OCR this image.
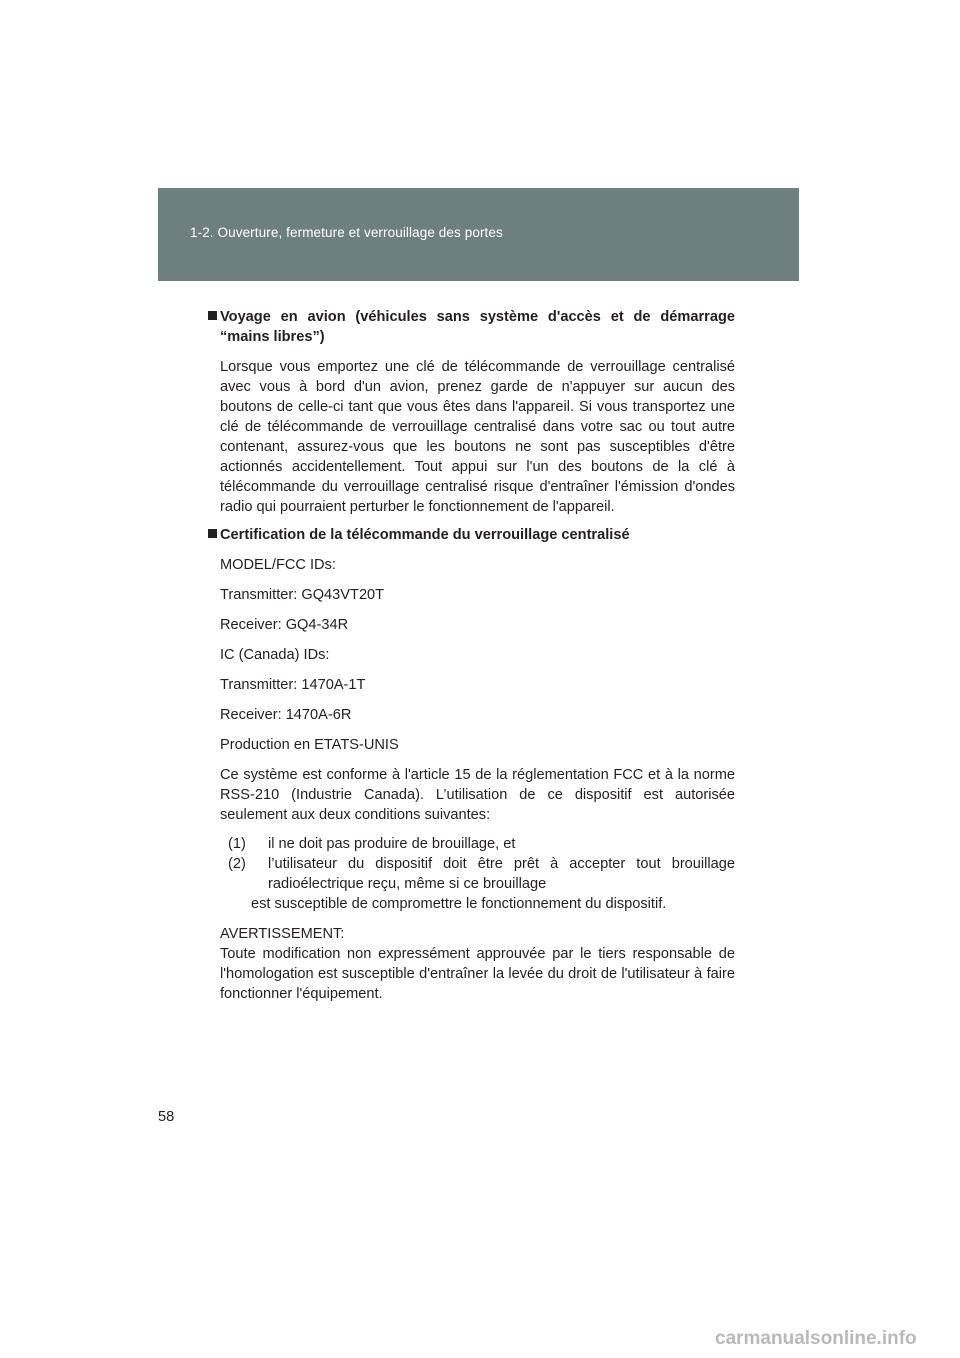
1-2. Ouverture, fermeture et verrouillage des portes
Voyage en avion (véhicules sans système d'accès et de démarrage “mains libres”)
Lorsque vous emportez une clé de télécommande de verrouillage centralisé avec vous à bord d'un avion, prenez garde de n'appuyer sur aucun des boutons de celle-ci tant que vous êtes dans l'appareil. Si vous transportez une clé de télécommande de verrouillage centralisé dans votre sac ou tout autre contenant, assurez-vous que les boutons ne sont pas susceptibles d'être actionnés accidentellement. Tout appui sur l'un des boutons de la clé à télécommande du verrouillage centralisé risque d'entraîner l'émission d'ondes radio qui pourraient perturber le fonctionnement de l'appareil.
Certification de la télécommande du verrouillage centralisé
MODEL/FCC IDs:
Transmitter: GQ43VT20T
Receiver: GQ4-34R
IC (Canada) IDs:
Transmitter: 1470A-1T
Receiver: 1470A-6R
Production en ETATS-UNIS
Ce système est conforme à l'article 15 de la réglementation FCC et à la norme RSS-210 (Industrie Canada). L’utilisation de ce dispositif est autorisée seulement aux deux conditions suivantes:
(1) il ne doit pas produire de brouillage, et
(2) l’utilisateur du dispositif doit être prêt à accepter tout brouillage radioélectrique reçu, même si ce brouillage
est susceptible de compromettre le fonctionnement du dispositif.
AVERTISSEMENT:
Toute modification non expressément approuvée par le tiers responsable de l'homologation est susceptible d'entraîner la levée du droit de l'utilisateur à faire fonctionner l'équipement.
58
carmanualsonline.info
